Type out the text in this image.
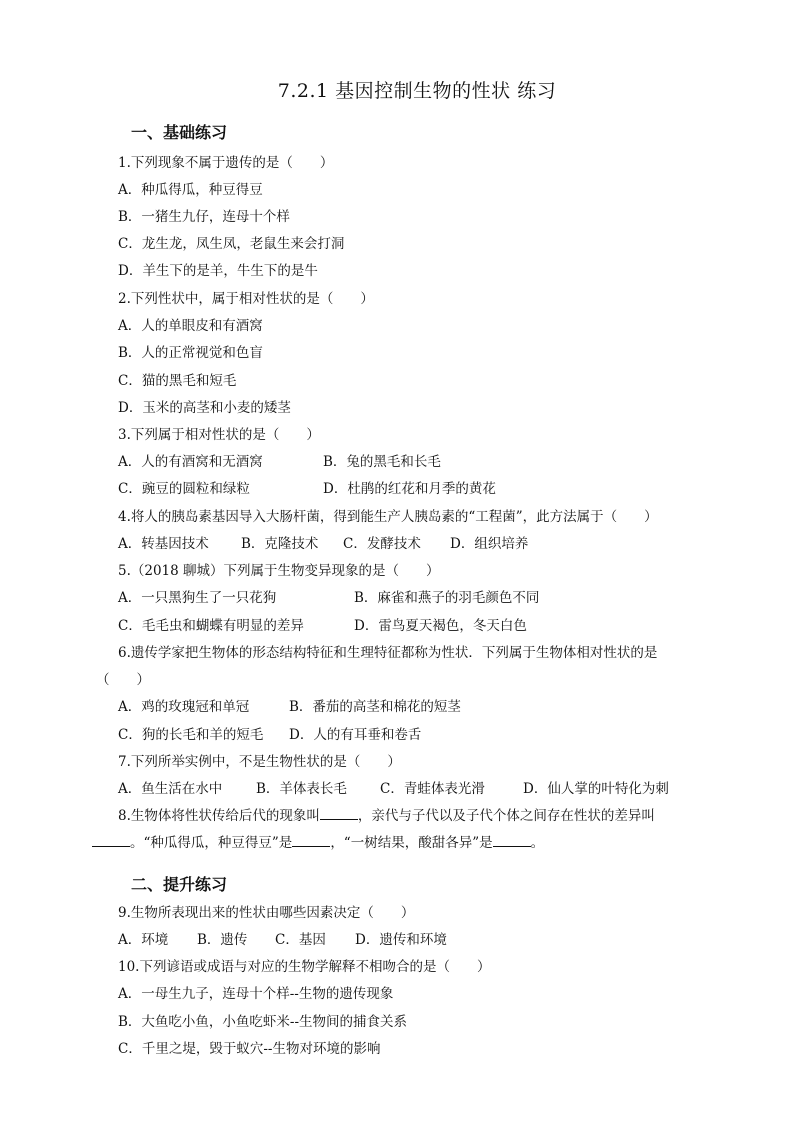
7.2.1 基因控制生物的性状 练习
一、基础练习
1.下列现象不属于遗传的是（　　）
A．种瓜得瓜，种豆得豆
B．一猪生九仔，连母十个样
C．龙生龙，凤生凤，老鼠生来会打洞
D．羊生下的是羊，牛生下的是牛
2.下列性状中，属于相对性状的是（　　）
A．人的单眼皮和有酒窝
B．人的正常视觉和色盲
C．猫的黑毛和短毛
D．玉米的高茎和小麦的矮茎
3.下列属于相对性状的是（　　）
A．人的有酒窝和无酒窝	B．兔的黑毛和长毛
C．豌豆的圆粒和绿粒	D．杜鹃的红花和月季的黄花
4.将人的胰岛素基因导入大肠杆菌，得到能生产人胰岛素的“工程菌”，此方法属于（　　）
A．转基因技术 B．克隆技术 C．发酵技术 D．组织培养
5.（2018 聊城）下列属于生物变异现象的是（　　）
A．一只黑狗生了一只花狗	B．麻雀和燕子的羽毛颜色不同
C．毛毛虫和蝴蝶有明显的差异	D．雷鸟夏天褐色，冬天白色
6.遗传学家把生物体的形态结构特征和生理特征都称为性状．下列属于生物体相对性状的是
（　　）
A．鸡的玫瑰冠和单冠	B．番茄的高茎和棉花的短茎
C．狗的长毛和羊的短毛 D．人的有耳垂和卷舌
7.下列所举实例中，不是生物性状的是（　　）
A．鱼生活在水中	B．羊体表长毛 C．青蛙体表光滑	D．仙人掌的叶特化为刺
8.生物体将性状传给后代的现象叫	，亲代与子代以及子代个体之间存在性状的差异叫
。“种瓜得瓜，种豆得豆”是	，“一树结果，酸甜各异”是	。
二、提升练习
9.生物所表现出来的性状由哪些因素决定（　　）
A．环境 B．遗传 C．基因 D．遗传和环境
10.下列谚语或成语与对应的生物学解释不相吻合的是（　　）
A．一母生九子，连母十个样--生物的遗传现象
B．大鱼吃小鱼，小鱼吃虾米--生物间的捕食关系
C．千里之堤，毁于蚁穴--生物对环境的影响
